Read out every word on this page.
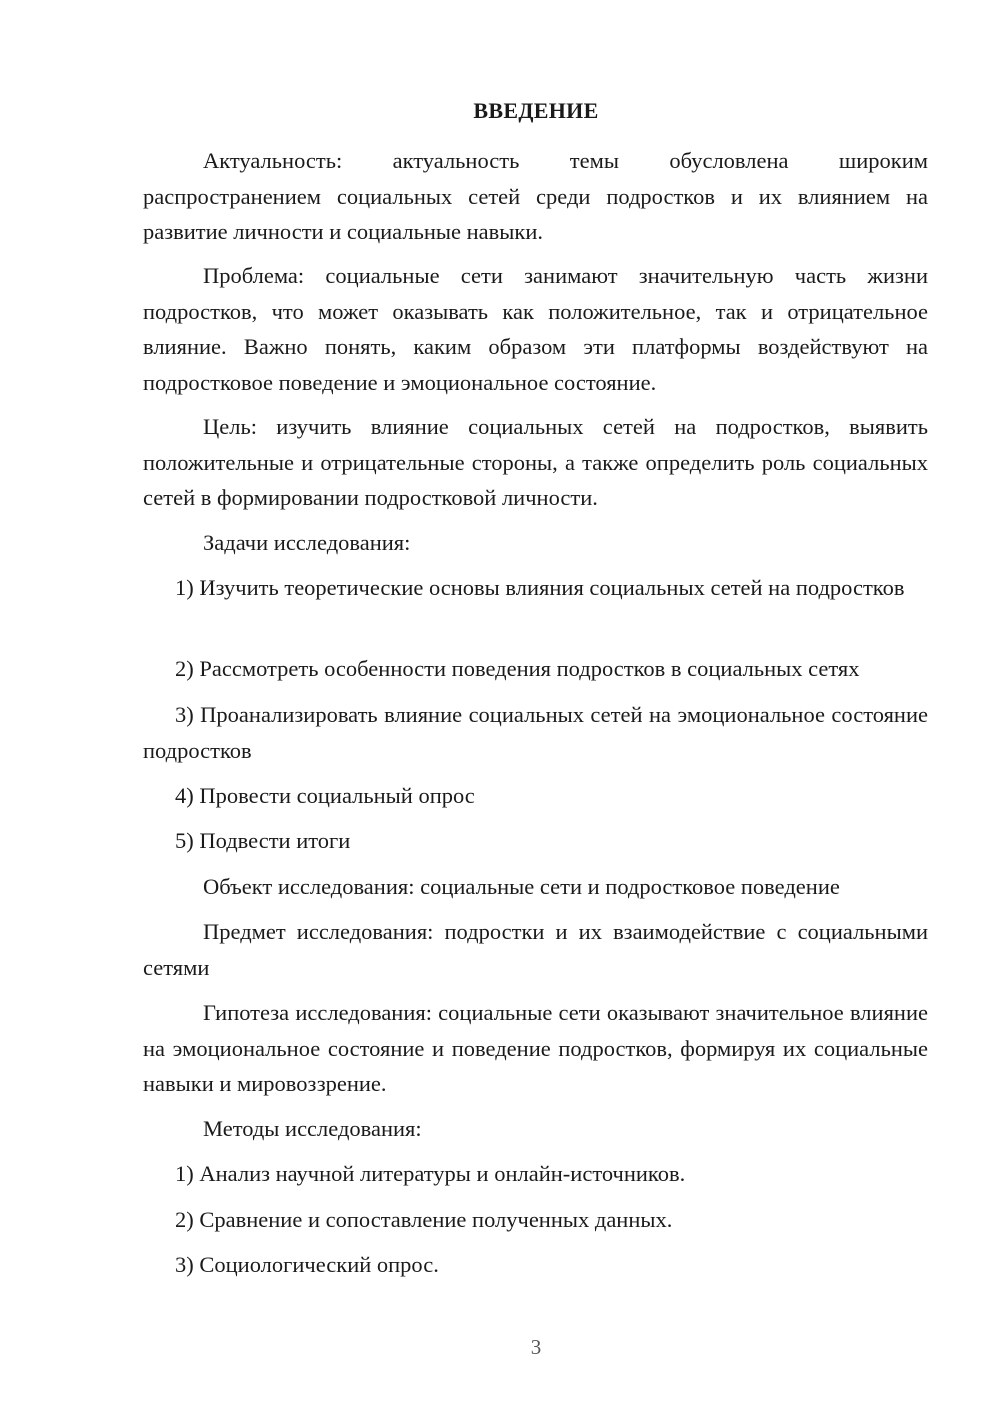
ВВЕДЕНИЕ

Актуальность: актуальность темы обусловлена широким распространением социальных сетей среди подростков и их влиянием на развитие личности и социальные навыки.

Проблема: социальные сети занимают значительную часть жизни подростков, что может оказывать как положительное, так и отрицательное влияние. Важно понять, каким образом эти платформы воздействуют на подростковое поведение и эмоциональное состояние.

Цель: изучить влияние социальных сетей на подростков, выявить положительные и отрицательные стороны, а также определить роль социальных сетей в формировании подростковой личности.

Задачи исследования:

1) Изучить теоретические основы влияния социальных сетей на подростков

2) Рассмотреть особенности поведения подростков в социальных сетях

3) Проанализировать влияние социальных сетей на эмоциональное состояние подростков

4) Провести социальный опрос

5) Подвести итоги

Объект исследования: социальные сети и подростковое поведение

Предмет исследования: подростки и их взаимодействие с социальными сетями

Гипотеза исследования: социальные сети оказывают значительное влияние на эмоциональное состояние и поведение подростков, формируя их социальные навыки и мировоззрение.

Методы исследования:

1) Анализ научной литературы и онлайн-источников.

2) Сравнение и сопоставление полученных данных.

3) Социологический опрос.

3
